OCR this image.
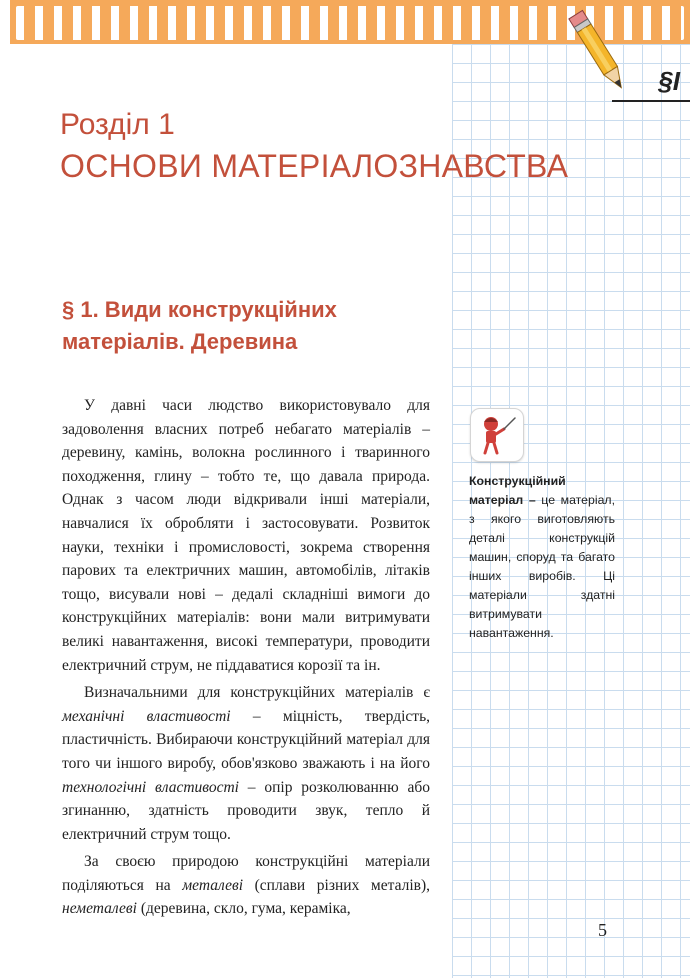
§I
Розділ 1
ОСНОВИ МАТЕРІАЛОЗНАВСТВА
§ 1. Види конструкційних матеріалів. Деревина

У давні часи людство використовувало для задоволення власних потреб небагато матеріалів – деревину, камінь, волокна рослинного і тваринного походження, глину – тобто те, що давала природа. Однак з часом люди відкривали інші матеріали, навчалися їх обробляти і застосовувати. Розвиток науки, техніки і промисловості, зокрема створення парових та електричних машин, автомобілів, літаків тощо, висували нові – дедалі складніші вимоги до конструкційних матеріалів: вони мали витримувати великі навантаження, високі температури, проводити електричний струм, не піддаватися корозії та ін.

Визначальними для конструкційних матеріалів є механічні властивості – міцність, твердість, пластичність. Вибираючи конструкційний матеріал для того чи іншого виробу, обов'язково зважають і на його технологічні властивості – опір розколюванню або згинанню, здатність проводити звук, тепло й електричний струм тощо.

За своєю природою конструкційні матеріали поділяються на металеві (сплави різних металів), неметалеві (деревина, скло, гума, кераміка,

Конструкційний матеріал – це матеріал, з якого виготовляють деталі конструкцій машин, споруд та багато інших виробів. Ці матеріали здатні витримувати навантаження.
5
